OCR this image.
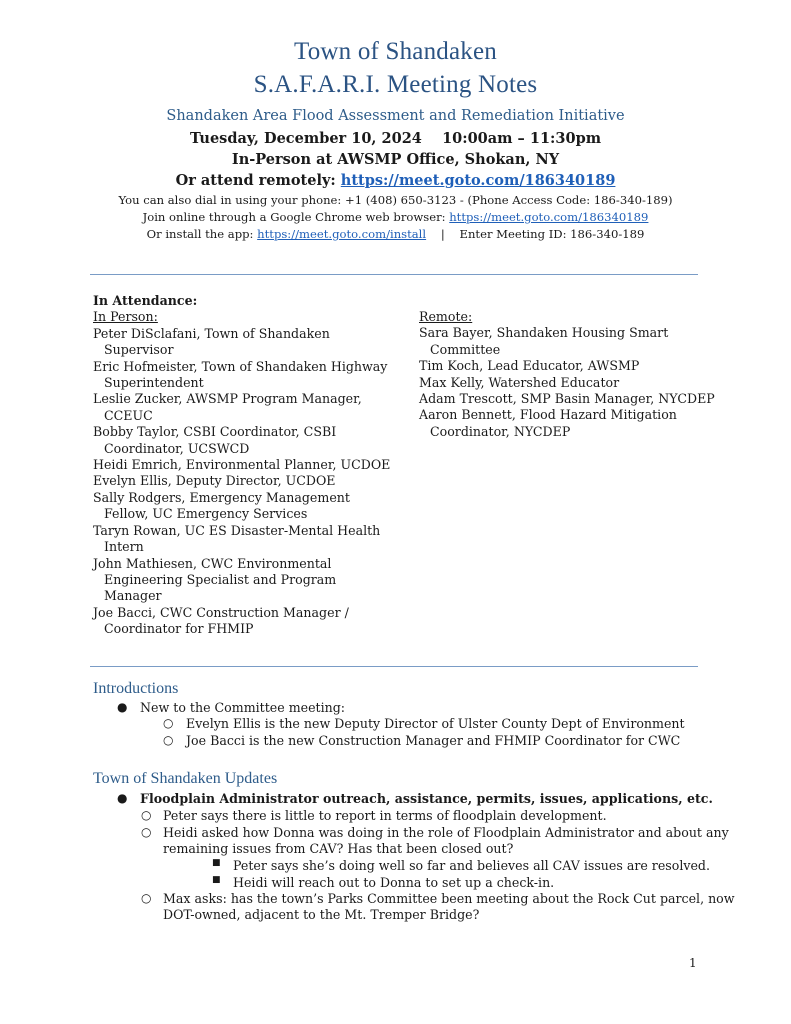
Town of Shandaken
S.A.F.A.R.I. Meeting Notes
Shandaken Area Flood Assessment and Remediation Initiative
Tuesday, December 10, 2024    10:00am – 11:30pm
In-Person at AWSMP Office, Shokan, NY
Or attend remotely: https://meet.goto.com/186340189
You can also dial in using your phone: +1 (408) 650-3123 - (Phone Access Code: 186-340-189)
Join online through a Google Chrome web browser: https://meet.goto.com/186340189
Or install the app: https://meet.goto.com/install    |    Enter Meeting ID: 186-340-189
In Attendance:
In Person:
Peter DiSclafani, Town of Shandaken Supervisor
Eric Hofmeister, Town of Shandaken Highway Superintendent
Leslie Zucker, AWSMP Program Manager, CCEUC
Bobby Taylor, CSBI Coordinator, CSBI Coordinator, UCSWCD
Heidi Emrich, Environmental Planner, UCDOE
Evelyn Ellis, Deputy Director, UCDOE
Sally Rodgers, Emergency Management Fellow, UC Emergency Services
Taryn Rowan, UC ES Disaster-Mental Health Intern
John Mathiesen, CWC Environmental Engineering Specialist and Program Manager
Joe Bacci, CWC Construction Manager / Coordinator for FHMIP
Remote:
Sara Bayer, Shandaken Housing Smart Committee
Tim Koch, Lead Educator, AWSMP
Max Kelly, Watershed Educator
Adam Trescott, SMP Basin Manager, NYCDEP
Aaron Bennett, Flood Hazard Mitigation Coordinator, NYCDEP
Introductions
● New to the Committee meeting:
○ Evelyn Ellis is the new Deputy Director of Ulster County Dept of Environment
○ Joe Bacci is the new Construction Manager and FHMIP Coordinator for CWC
Town of Shandaken Updates
● Floodplain Administrator outreach, assistance, permits, issues, applications, etc.
○ Peter says there is little to report in terms of floodplain development.
○ Heidi asked how Donna was doing in the role of Floodplain Administrator and about any
remaining issues from CAV? Has that been closed out?
■ Peter says she’s doing well so far and believes all CAV issues are resolved.
■ Heidi will reach out to Donna to set up a check-in.
○ Max asks: has the town’s Parks Committee been meeting about the Rock Cut parcel, now
DOT-owned, adjacent to the Mt. Tremper Bridge?
1
